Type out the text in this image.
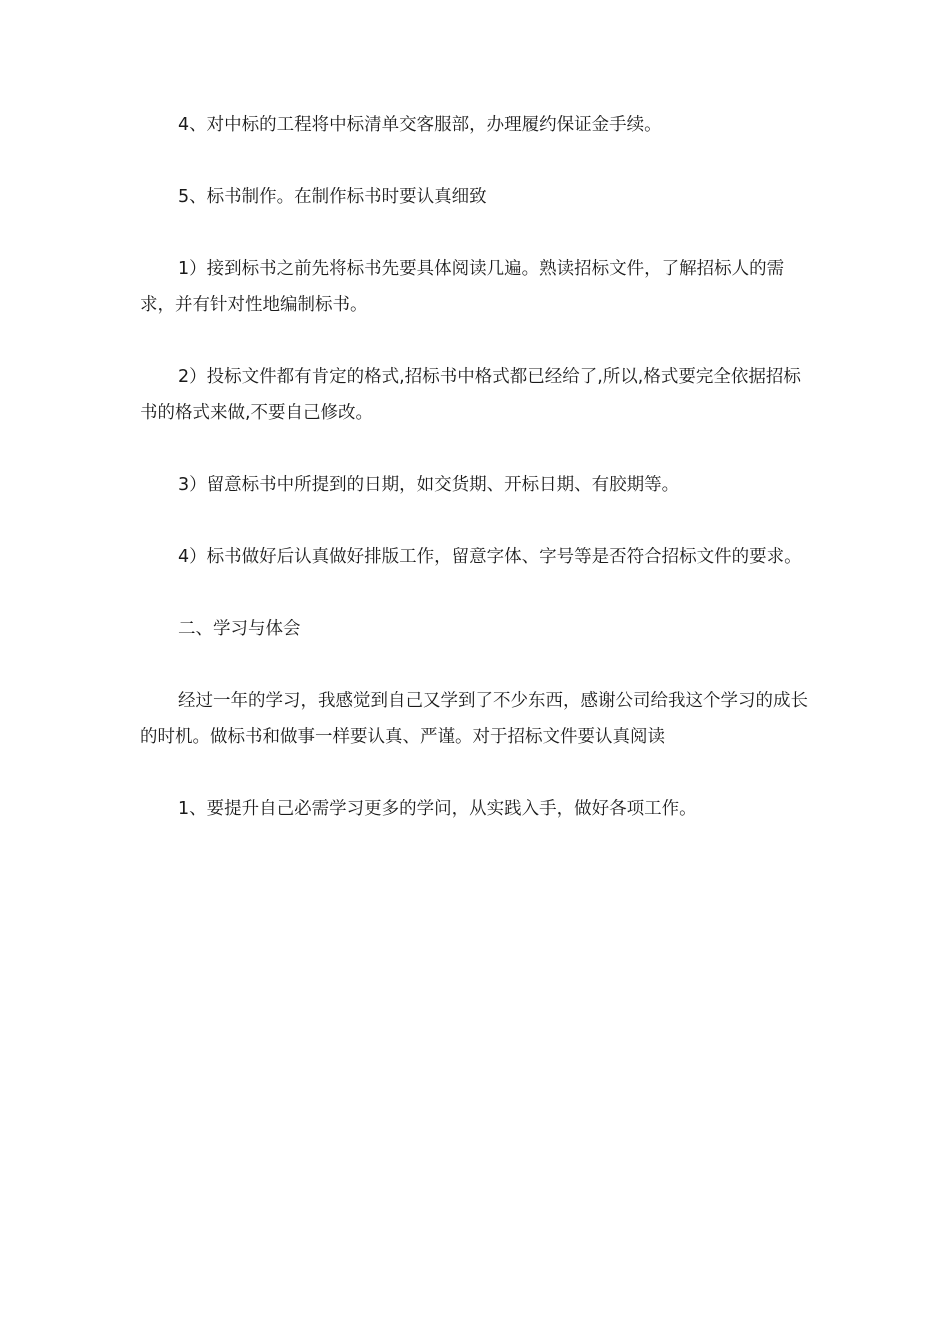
4、对中标的工程将中标清单交客服部，办理履约保证金手续。

5、标书制作。在制作标书时要认真细致

1）接到标书之前先将标书先要具体阅读几遍。熟读招标文件，了解招标人的需求，并有针对性地编制标书。

2）投标文件都有肯定的格式,招标书中格式都已经给了,所以,格式要完全依据招标书的格式来做,不要自己修改。

3）留意标书中所提到的日期，如交货期、开标日期、有胶期等。

4）标书做好后认真做好排版工作，留意字体、字号等是否符合招标文件的要求。

二、学习与体会

经过一年的学习，我感觉到自己又学到了不少东西，感谢公司给我这个学习的成长的时机。做标书和做事一样要认真、严谨。对于招标文件要认真阅读

1、要提升自己必需学习更多的学问，从实践入手，做好各项工作。
